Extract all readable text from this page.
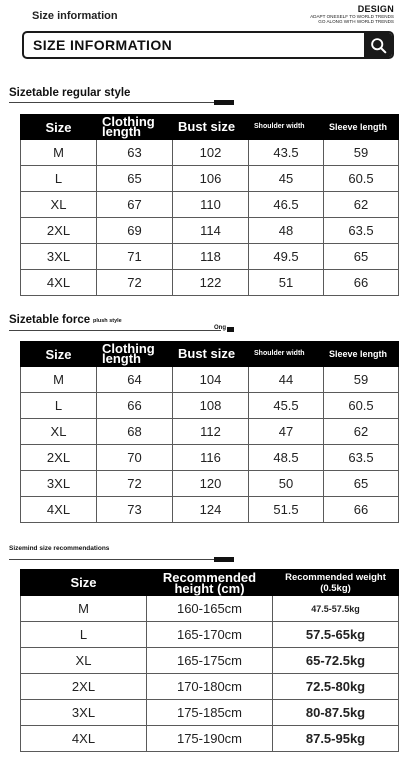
Size information
DESIGN
ADAPT ONESELF TO WORLD TRENDS
GO ALONG WITH WORLD TRENDS
SIZE INFORMATION
Sizetable regular style
Size	Clothing length	Bust size	Shoulder width	Sleeve length
M	63	102	43.5	59
L	65	106	45	60.5
XL	67	110	46.5	62
2XL	69	114	48	63.5
3XL	71	118	49.5	65
4XL	72	122	51	66
Sizetable force plush style
Ong
Size	Clothing length	Bust size	Shoulder width	Sleeve length
M	64	104	44	59
L	66	108	45.5	60.5
XL	68	112	47	62
2XL	70	116	48.5	63.5
3XL	72	120	50	65
4XL	73	124	51.5	66
Sizemind size recommendations
Size	Recommended height (cm)	Recommended weight (0.5kg)
M	160-165cm	47.5-57.5kg
L	165-170cm	57.5-65kg
XL	165-175cm	65-72.5kg
2XL	170-180cm	72.5-80kg
3XL	175-185cm	80-87.5kg
4XL	175-190cm	87.5-95kg
